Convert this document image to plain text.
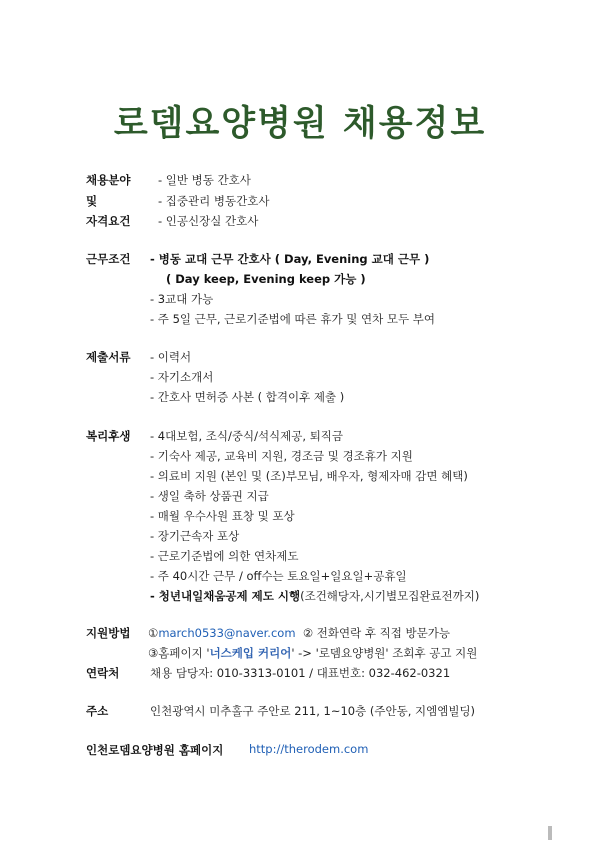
로뎀요양병원 채용정보
채용분야
및
자격요건
- 일반 병동 간호사
- 집중관리 병동간호사
- 인공신장실 간호사
근무조건 - 병동 교대 근무 간호사 ( Day, Evening 교대 근무 )
( Day keep, Evening keep 가능 )
- 3교대 가능
- 주 5일 근무, 근로기준법에 따른 휴가 및 연차 모두 부여
제출서류 - 이력서
- 자기소개서
- 간호사 면허증 사본 ( 합격이후 제출 )
복리후생 - 4대보험, 조식/중식/석식제공, 퇴직금
- 기숙사 제공, 교육비 지원, 경조금 및 경조휴가 지원
- 의료비 지원 (본인 및 (조)부모님, 배우자, 형제자매 감면 혜택)
- 생일 축하 상품권 지급
- 매월 우수사원 표창 및 포상
- 장기근속자 포상
- 근로기준법에 의한 연차제도
- 주 40시간 근무 / off수는 토요일+일요일+공휴일
- 청년내일채움공제 제도 시행(조건해당자,시기별모집완료전까지)
지원방법 ①march0533@naver.com ② 전화연락 후 직접 방문가능
③홈페이지 '너스케입 커리어' -> '로뎀요양병원' 조회후 공고 지원
연락처	채용 담당자: 010-3313-0101 / 대표번호: 032-462-0321
주소	인천광역시 미추홀구 주안로 211, 1~10층 (주안동, 지엠엠빌딩)
인천로뎀요양병원 홈페이지 http://therodem.com
